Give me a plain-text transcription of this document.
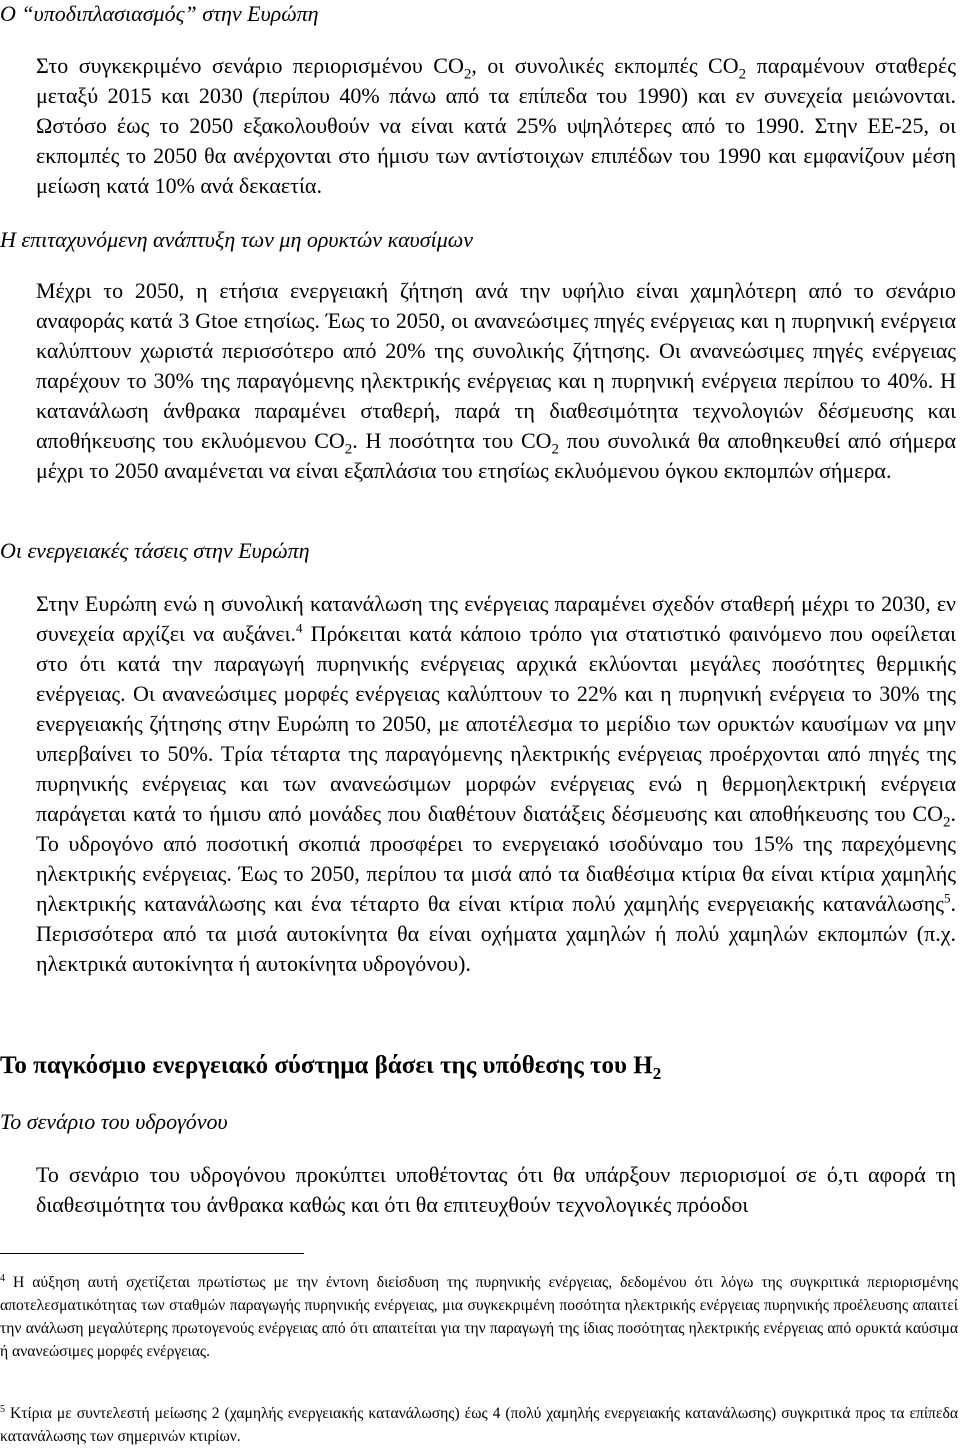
Ο “υποδιπλασιασμός” στην Ευρώπη

Στο συγκεκριμένο σενάριο περιορισμένου $CO_2$, οι συνολικές εκπομπές $CO_2$ παραμένουν σταθερές μεταξύ 2015 και 2030 (περίπου 40% πάνω από τα επίπεδα του 1990) και εν συνεχεία μειώνονται. Ωστόσο έως το 2050 εξακολουθούν να είναι κατά 25% υψηλότερες από το 1990. Στην ΕΕ-25, οι εκπομπές το 2050 θα ανέρχονται στο ήμισυ των αντίστοιχων επιπέδων του 1990 και εμφανίζουν μέση μείωση κατά 10% ανά δεκαετία.

Η επιταχυνόμενη ανάπτυξη των μη ορυκτών καυσίμων

Μέχρι το 2050, η ετήσια ενεργειακή ζήτηση ανά την υφήλιο είναι χαμηλότερη από το σενάριο αναφοράς κατά 3 Gtoe ετησίως. Έως το 2050, οι ανανεώσιμες πηγές ενέργειας και η πυρηνική ενέργεια καλύπτουν χωριστά περισσότερο από 20% της συνολικής ζήτησης. Οι ανανεώσιμες πηγές ενέργειας παρέχουν το 30% της παραγόμενης ηλεκτρικής ενέργειας και η πυρηνική ενέργεια περίπου το 40%. Η κατανάλωση άνθρακα παραμένει σταθερή, παρά τη διαθεσιμότητα τεχνολογιών δέσμευσης και αποθήκευσης του εκλυόμενου $CO_2$. Η ποσότητα του $CO_2$ που συνολικά θα αποθηκευθεί από σήμερα μέχρι το 2050 αναμένεται να είναι εξαπλάσια του ετησίως εκλυόμενου όγκου εκπομπών σήμερα.

Οι ενεργειακές τάσεις στην Ευρώπη

Στην Ευρώπη ενώ η συνολική κατανάλωση της ενέργειας παραμένει σχεδόν σταθερή μέχρι το 2030, εν συνεχεία αρχίζει να αυξάνει.$^4$ Πρόκειται κατά κάποιο τρόπο για στατιστικό φαινόμενο που οφείλεται στο ότι κατά την παραγωγή πυρηνικής ενέργειας αρχικά εκλύονται μεγάλες ποσότητες θερμικής ενέργειας. Οι ανανεώσιμες μορφές ενέργειας καλύπτουν το 22% και η πυρηνική ενέργεια το 30% της ενεργειακής ζήτησης στην Ευρώπη το 2050, με αποτέλεσμα το μερίδιο των ορυκτών καυσίμων να μην υπερβαίνει το 50%. Τρία τέταρτα της παραγόμενης ηλεκτρικής ενέργειας προέρχονται από πηγές της πυρηνικής ενέργειας και των ανανεώσιμων μορφών ενέργειας ενώ η θερμοηλεκτρική ενέργεια παράγεται κατά το ήμισυ από μονάδες που διαθέτουν διατάξεις δέσμευσης και αποθήκευσης του $CO_2$. Το υδρογόνο από ποσοτική σκοπιά προσφέρει το ενεργειακό ισοδύναμο του 15% της παρεχόμενης ηλεκτρικής ενέργειας. Έως το 2050, περίπου τα μισά από τα διαθέσιμα κτίρια θα είναι κτίρια χαμηλής ηλεκτρικής κατανάλωσης και ένα τέταρτο θα είναι κτίρια πολύ χαμηλής ενεργειακής κατανάλωσης$^5$. Περισσότερα από τα μισά αυτοκίνητα θα είναι οχήματα χαμηλών ή πολύ χαμηλών εκπομπών (π.χ. ηλεκτρικά αυτοκίνητα ή αυτοκίνητα υδρογόνου).

Το παγκόσμιο ενεργειακό σύστημα βάσει της υπόθεσης του $H_2$
Το σενάριο του υδρογόνου

Το σενάριο του υδρογόνου προκύπτει υποθέτοντας ότι θα υπάρξουν περιορισμοί σε ό,τι αφορά τη διαθεσιμότητα του άνθρακα καθώς και ότι θα επιτευχθούν τεχνολογικές πρόοδοι

$^4$ Η αύξηση αυτή σχετίζεται πρωτίστως με την έντονη διείσδυση της πυρηνικής ενέργειας, δεδομένου ότι λόγω της συγκριτικά περιορισμένης αποτελεσματικότητας των σταθμών παραγωγής πυρηνικής ενέργειας, μια συγκεκριμένη ποσότητα ηλεκτρικής ενέργειας πυρηνικής προέλευσης απαιτεί την ανάλωση μεγαλύτερης πρωτογενούς ενέργειας από ότι απαιτείται για την παραγωγή της ίδιας ποσότητας ηλεκτρικής ενέργειας από ορυκτά καύσιμα ή ανανεώσιμες μορφές ενέργειας.

$^5$ Κτίρια με συντελεστή μείωσης 2 (χαμηλής ενεργειακής κατανάλωσης) έως 4 (πολύ χαμηλής ενεργειακής κατανάλωσης) συγκριτικά προς τα επίπεδα κατανάλωσης των σημερινών κτιρίων.
